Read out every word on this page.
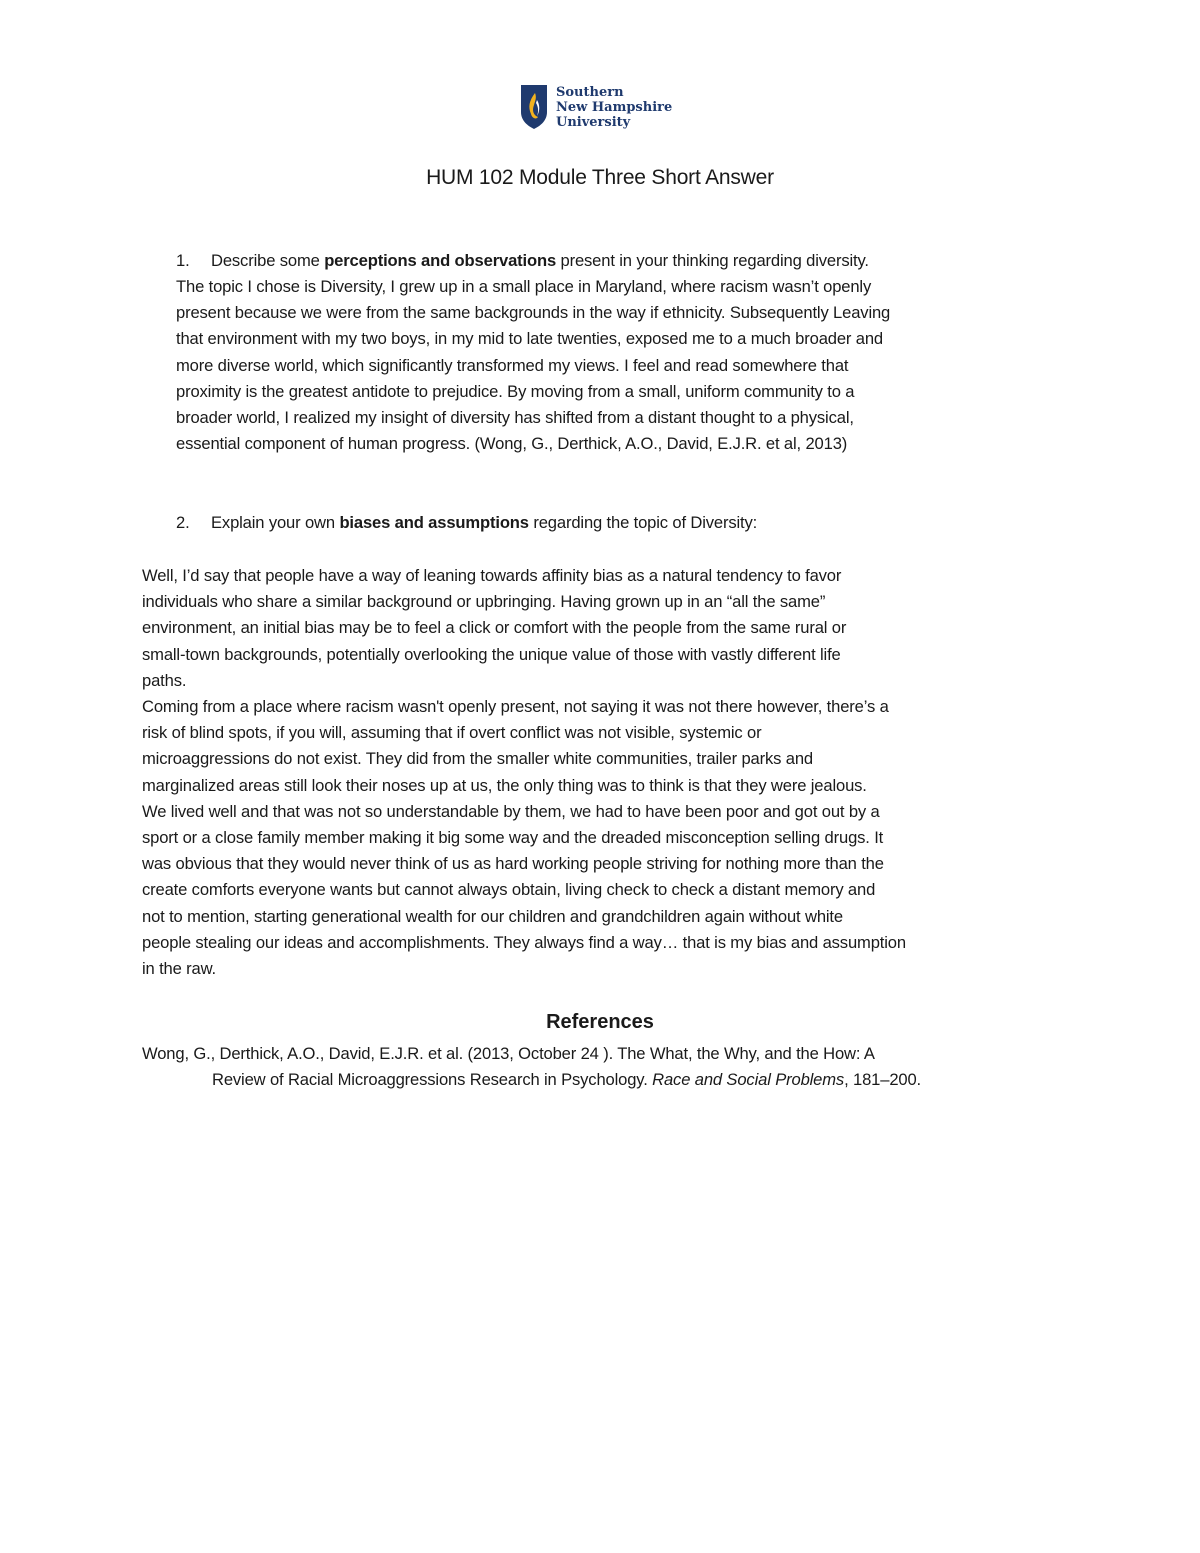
Southern
New Hampshire
University
HUM 102 Module Three Short Answer
1. Describe some perceptions and observations present in your thinking regarding diversity.
The topic I chose is Diversity, I grew up in a small place in Maryland, where racism wasn’t openly
present because we were from the same backgrounds in the way if ethnicity. Subsequently Leaving
that environment with my two boys, in my mid to late twenties, exposed me to a much broader and
more diverse world, which significantly transformed my views. I feel and read somewhere that
proximity is the greatest antidote to prejudice. By moving from a small, uniform community to a
broader world, I realized my insight of diversity has shifted from a distant thought to a physical,
essential component of human progress. (Wong, G., Derthick, A.O., David, E.J.R. et al, 2013)
2. Explain your own biases and assumptions regarding the topic of Diversity:
Well, I’d say that people have a way of leaning towards affinity bias as a natural tendency to favor
individuals who share a similar background or upbringing. Having grown up in an “all the same”
environment, an initial bias may be to feel a click or comfort with the people from the same rural or
small-town backgrounds, potentially overlooking the unique value of those with vastly different life
paths.
Coming from a place where racism wasn't openly present, not saying it was not there however, there’s a
risk of blind spots, if you will, assuming that if overt conflict was not visible, systemic or
microaggressions do not exist. They did from the smaller white communities, trailer parks and
marginalized areas still look their noses up at us, the only thing was to think is that they were jealous.
We lived well and that was not so understandable by them, we had to have been poor and got out by a
sport or a close family member making it big some way and the dreaded misconception selling drugs. It
was obvious that they would never think of us as hard working people striving for nothing more than the
create comforts everyone wants but cannot always obtain, living check to check a distant memory and
not to mention, starting generational wealth for our children and grandchildren again without white
people stealing our ideas and accomplishments. They always find a way… that is my bias and assumption
in the raw.
References
Wong, G., Derthick, A.O., David, E.J.R. et al. (2013, October 24 ). The What, the Why, and the How: A
Review of Racial Microaggressions Research in Psychology. Race and Social Problems, 181–200.
